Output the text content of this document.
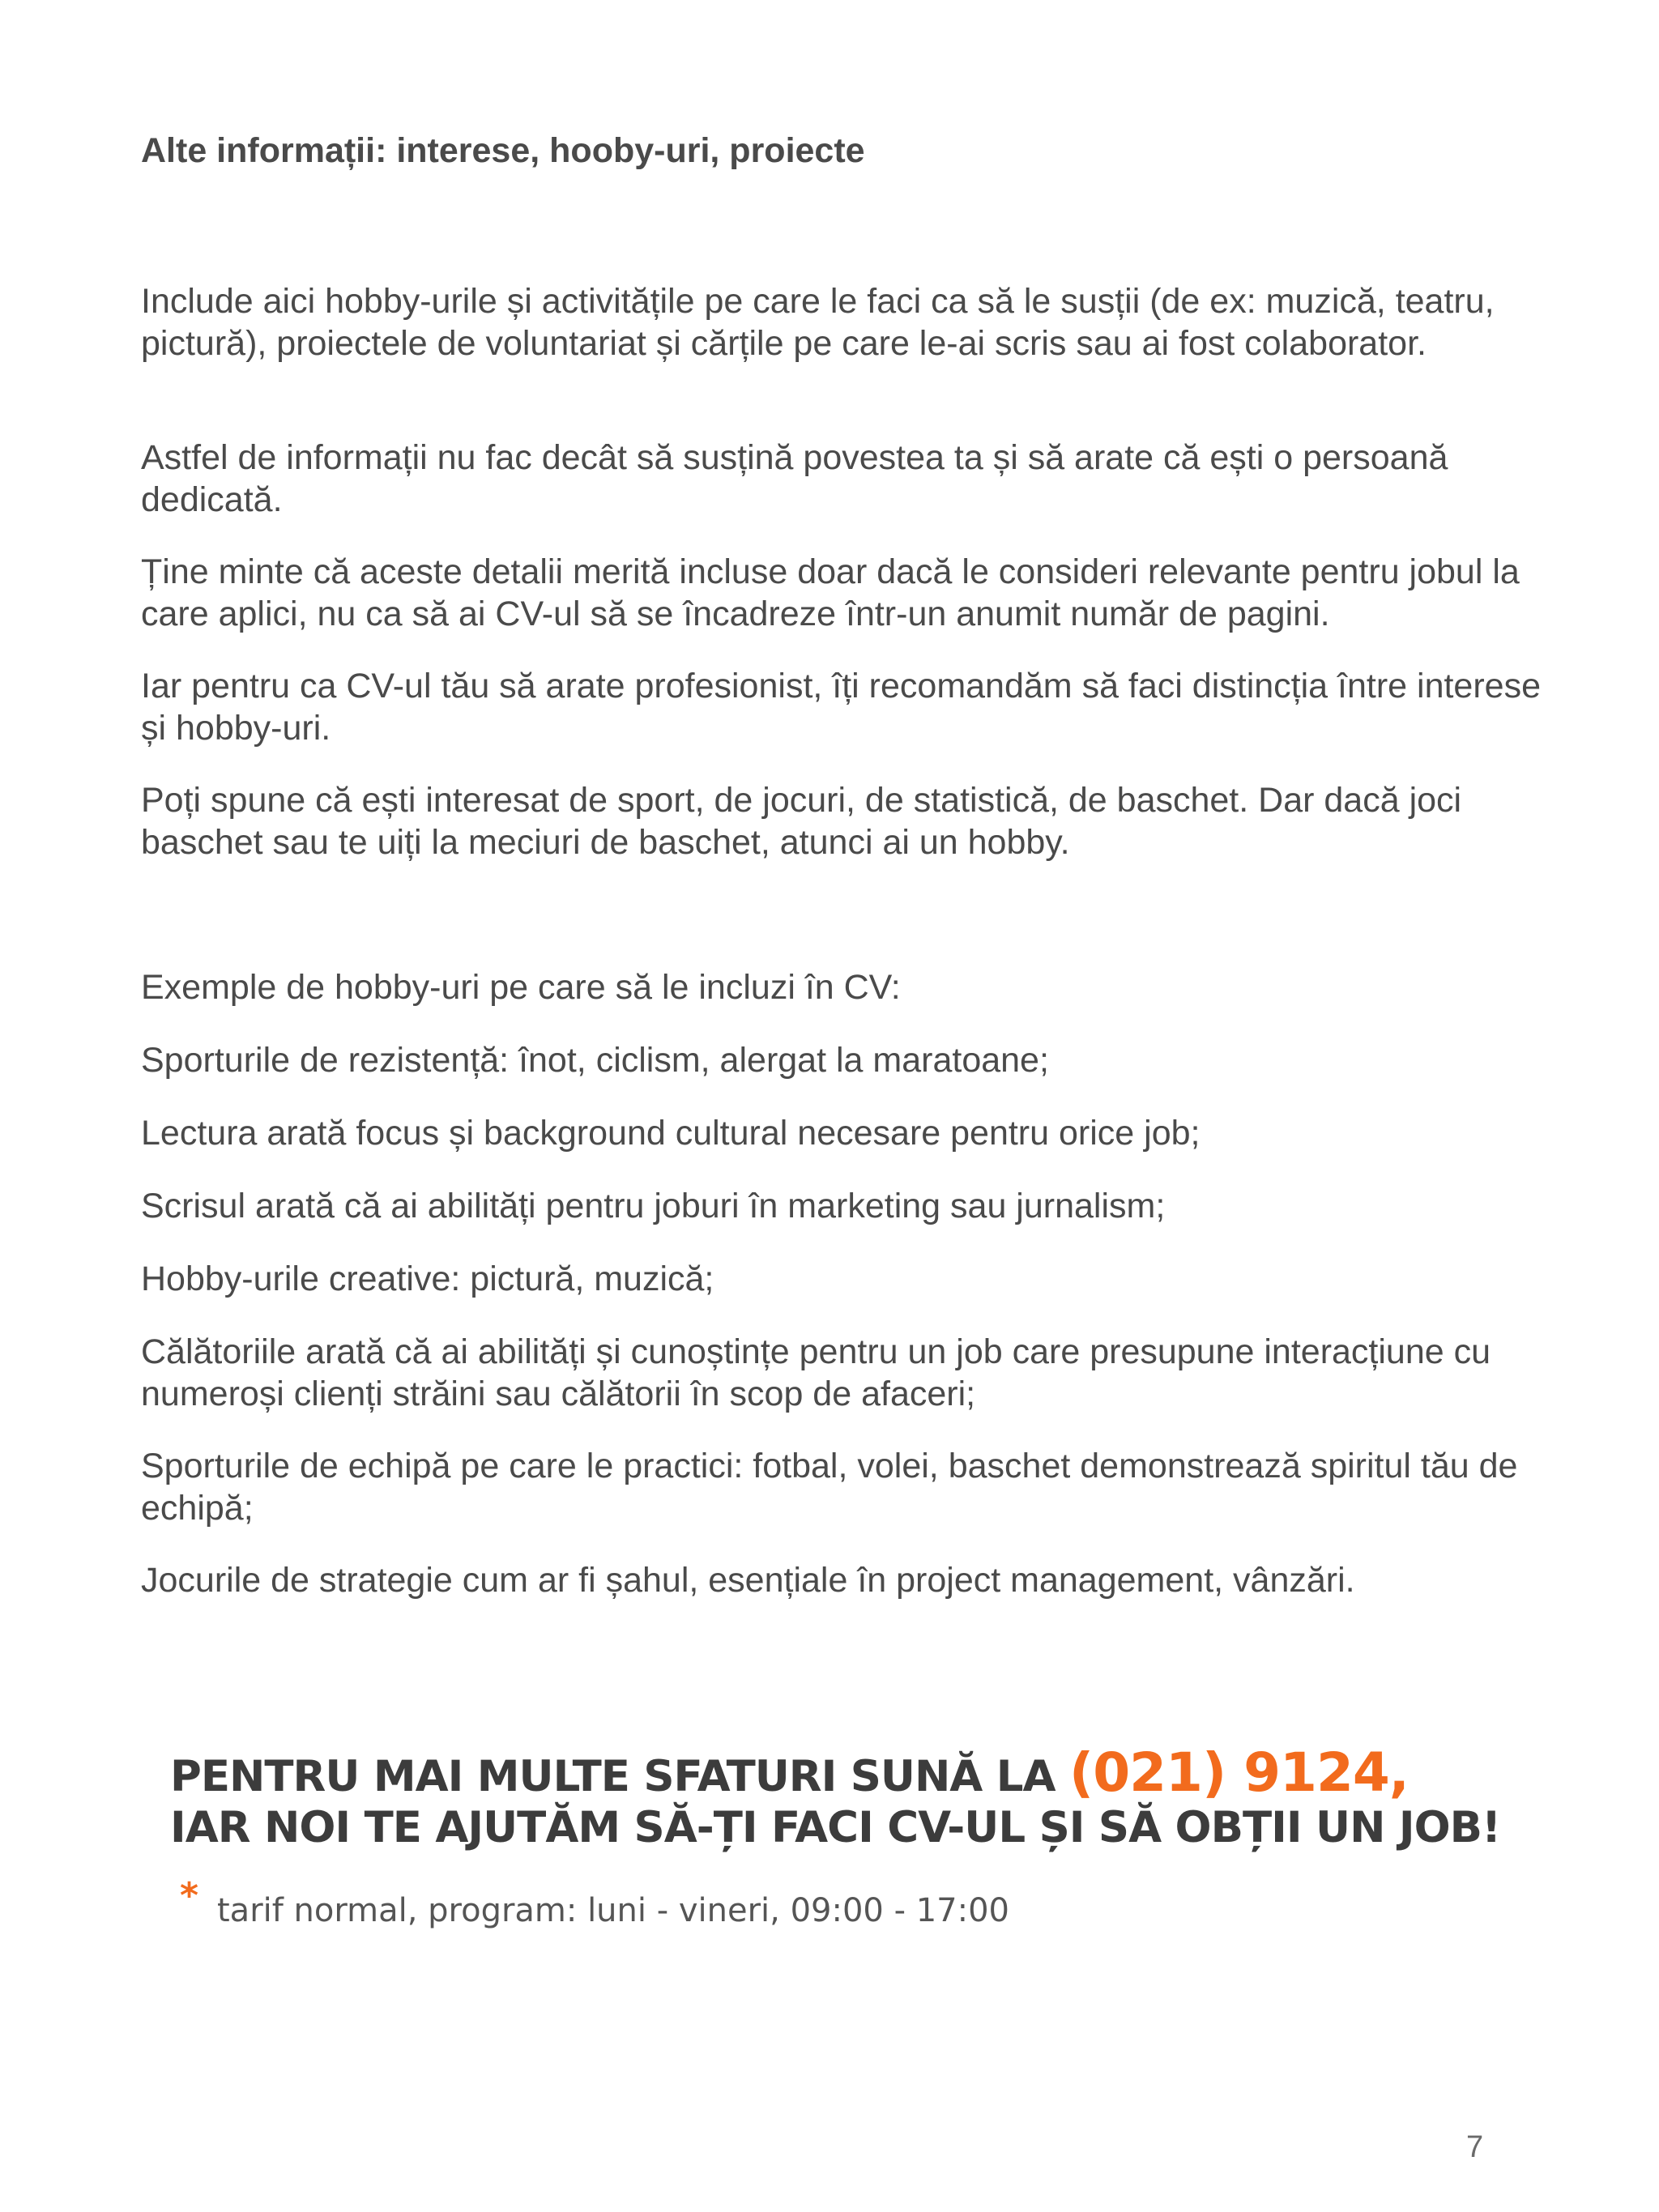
Alte informații: interese, hooby-uri, proiecte

Include aici hobby-urile și activitățile pe care le faci ca să le susții (de ex: muzică, teatru, pictură), proiectele de voluntariat și cărțile pe care le-ai scris sau ai fost colaborator.

Astfel de informații nu fac decât să susțină povestea ta și să arate că ești o persoană dedicată.

Ține minte că aceste detalii merită incluse doar dacă le consideri relevante pentru jobul la care aplici, nu ca să ai CV-ul să se încadreze într-un anumit număr de pagini.

Iar pentru ca CV-ul tău să arate profesionist, îți recomandăm să faci distincția între interese și hobby-uri.

Poți spune că ești interesat de sport, de jocuri, de statistică, de baschet. Dar dacă joci baschet sau te uiți la meciuri de baschet, atunci ai un hobby.

Exemple de hobby-uri pe care să le incluzi în CV:

Sporturile de rezistență: înot, ciclism, alergat la maratoane;

Lectura arată focus și background cultural necesare pentru orice job;

Scrisul arată că ai abilități pentru joburi în marketing sau jurnalism;

Hobby-urile creative: pictură, muzică;

Călătoriile arată că ai abilități și cunoștințe pentru un job care presupune interacțiune cu numeroși clienți străini sau călătorii în scop de afaceri;

Sporturile de echipă pe care le practici: fotbal, volei, baschet demonstrează spiritul tău de echipă;

Jocurile de strategie cum ar fi șahul, esențiale în project management, vânzări.

PENTRU MAI MULTE SFATURI SUNĂ LA (021) 9124,

IAR NOI TE AJUTĂM SĂ-ȚI FACI CV-UL ȘI SĂ OBȚII UN JOB!

* tarif normal, program: luni - vineri, 09:00 - 17:00

7
